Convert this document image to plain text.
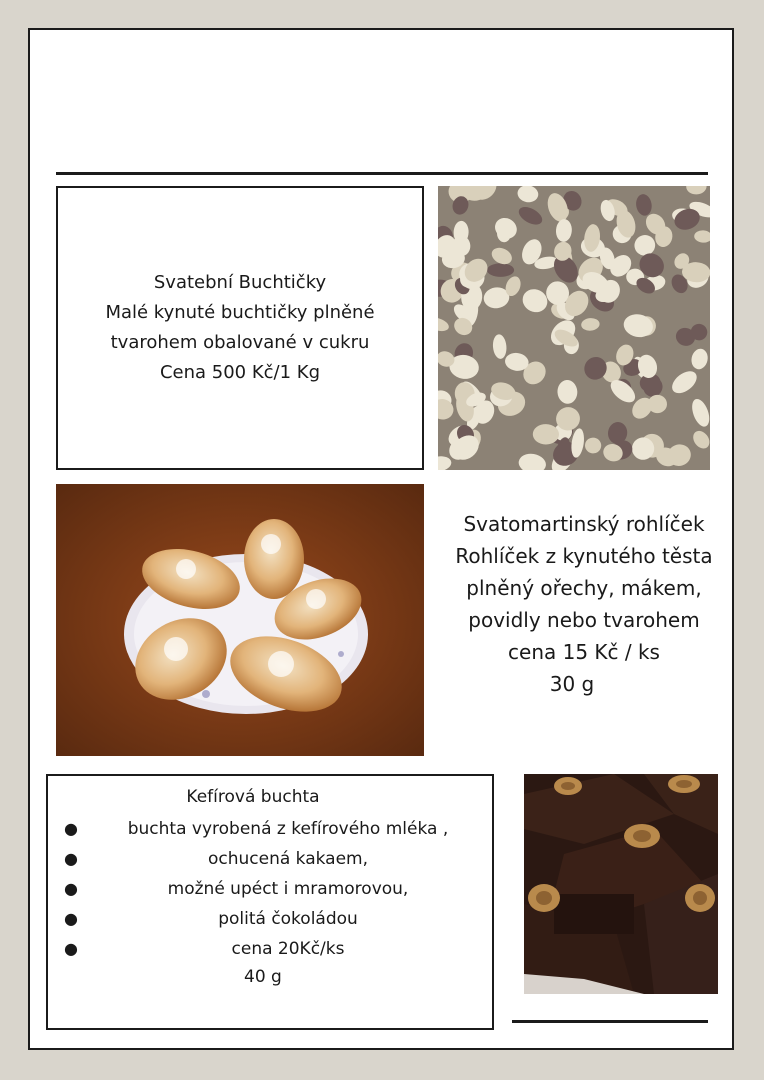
Svatební Buchtičky
Malé kynuté buchtičky plněné
tvarohem obalované v cukru
Cena 500 Kč/1 Kg
Svatomartinský rohlíček
Rohlíček z kynutého těsta
plněný ořechy, mákem,
povidly nebo tvarohem
cena 15 Kč / ks
30 g
Kefírová buchta
●	buchta vyrobená z kefírového mléka ,
●	ochucená kakaem,
●	možné upéct i mramorovou,
●	politá čokoládou
●	cena 20Kč/ks
40 g
